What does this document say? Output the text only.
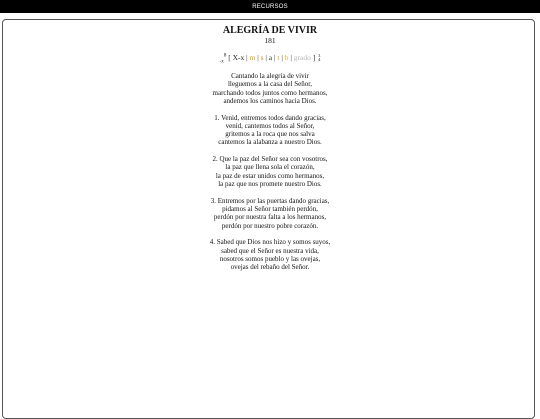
RECURSOS
ALEGRÍA DE VIVIR
181
$_{-x}^8$ [ X-x | m | s | a | t | b | grado ] 3
4
Cantando la alegría de vivir
lleguemos a la casa del Señor,
marchando todos juntos como hermanos,
andemos los caminos hacia Dios.
1. Venid, entremos todos dando gracias,
venid, cantemos todos al Señor,
gritemos a la roca que nos salva
cantemos la alabanza a nuestro Dios.
2. Que la paz del Señor sea con vosotros,
la paz que llena sola el corazón,
la paz de estar unidos como hermanos,
la paz que nos promete nuestro Dios.
3. Entremos por las puertas dando gracias,
pidamos al Señor también perdón,
perdón por nuestra falta a los hermanos,
perdón por nuestro pobre corazón.
4. Sabed que Dios nos hizo y somos suyos,
sabed que el Señor es nuestra vida,
nosotros somos pueblo y las ovejas,
ovejas del rebaño del Señor.
